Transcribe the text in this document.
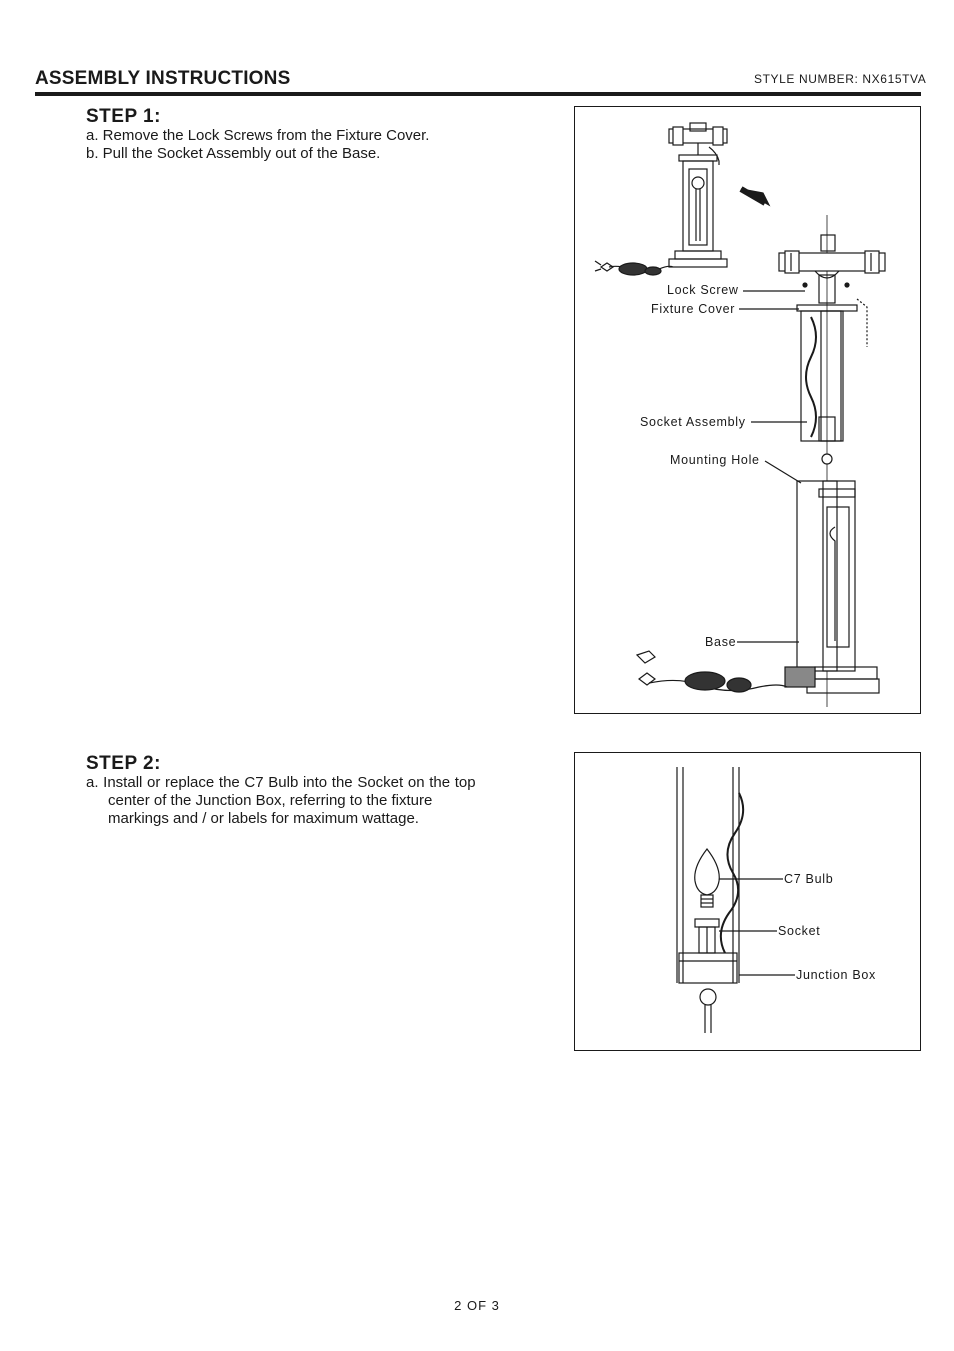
ASSEMBLY INSTRUCTIONS	STYLE NUMBER: NX615TVA
STEP 1:
a. Remove the Lock Screws from the Fixture Cover.
b. Pull the Socket Assembly out of the Base.
Lock Screw
Fixture Cover
Socket Assembly
Mounting Hole
Base
STEP 2:
a. Install or replace the C7 Bulb into the Socket on the top
center of the Junction Box, referring to the fixture
markings and / or labels for maximum wattage.
C7 Bulb
Socket
Junction Box
2 OF 3
